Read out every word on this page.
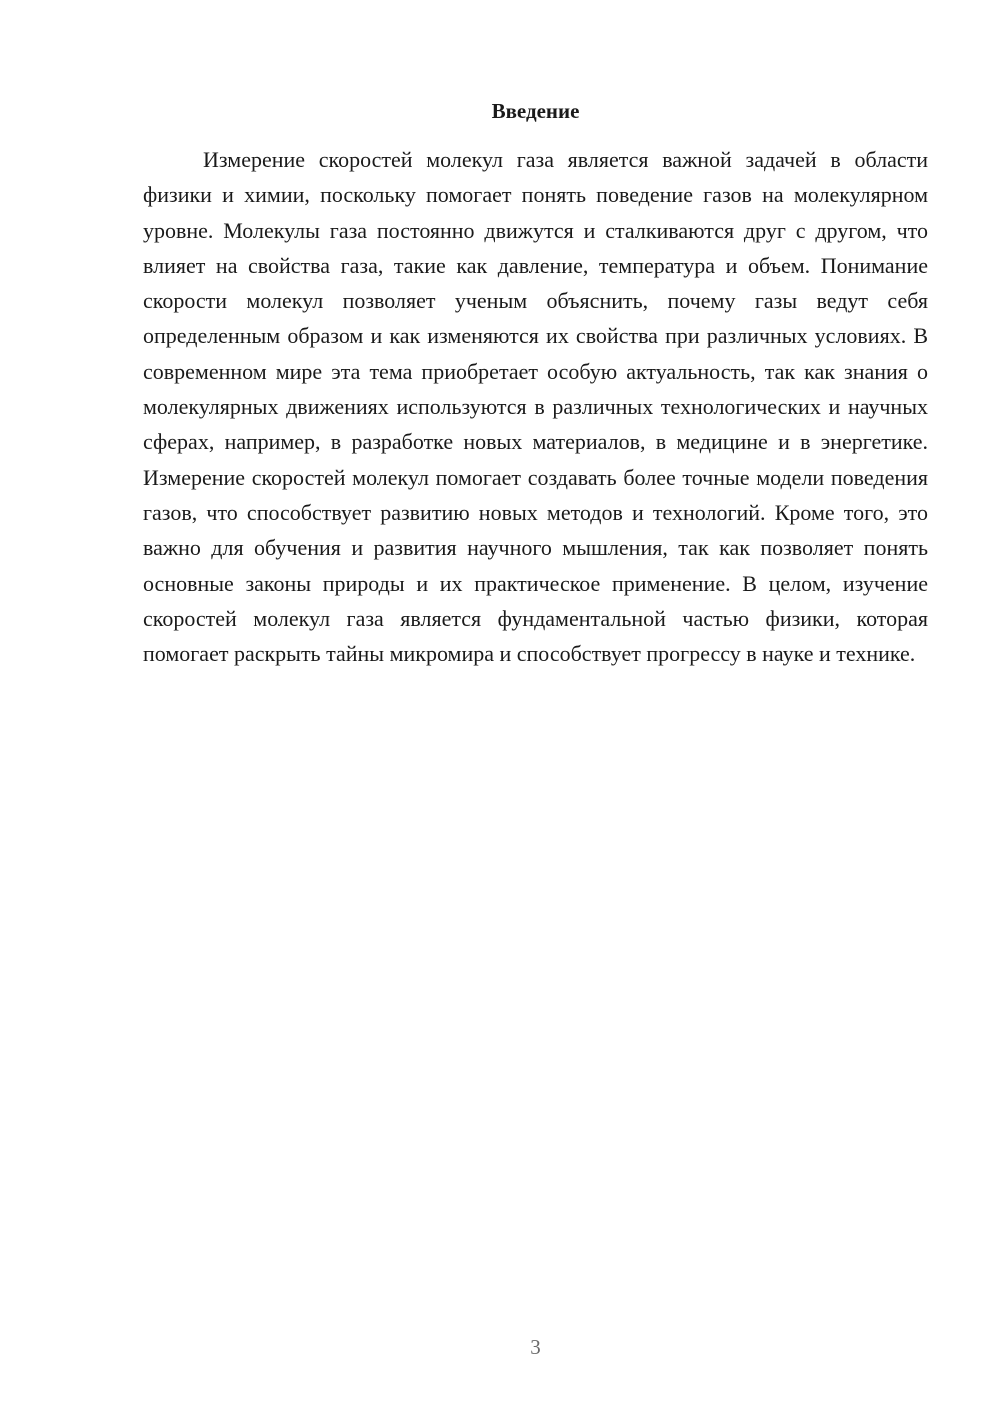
Введение

Измерение скоростей молекул газа является важной задачей в области физики и химии, поскольку помогает понять поведение газов на молекулярном уровне. Молекулы газа постоянно движутся и сталкиваются друг с другом, что влияет на свойства газа, такие как давление, температура и объем. Понимание скорости молекул позволяет ученым объяснить, почему газы ведут себя определенным образом и как изменяются их свойства при различных условиях. В современном мире эта тема приобретает особую актуальность, так как знания о молекулярных движениях используются в различных технологических и научных сферах, например, в разработке новых материалов, в медицине и в энергетике. Измерение скоростей молекул помогает создавать более точные модели поведения газов, что способствует развитию новых методов и технологий. Кроме того, это важно для обучения и развития научного мышления, так как позволяет понять основные законы природы и их практическое применение. В целом, изучение скоростей молекул газа является фундаментальной частью физики, которая помогает раскрыть тайны микромира и способствует прогрессу в науке и технике.

3
